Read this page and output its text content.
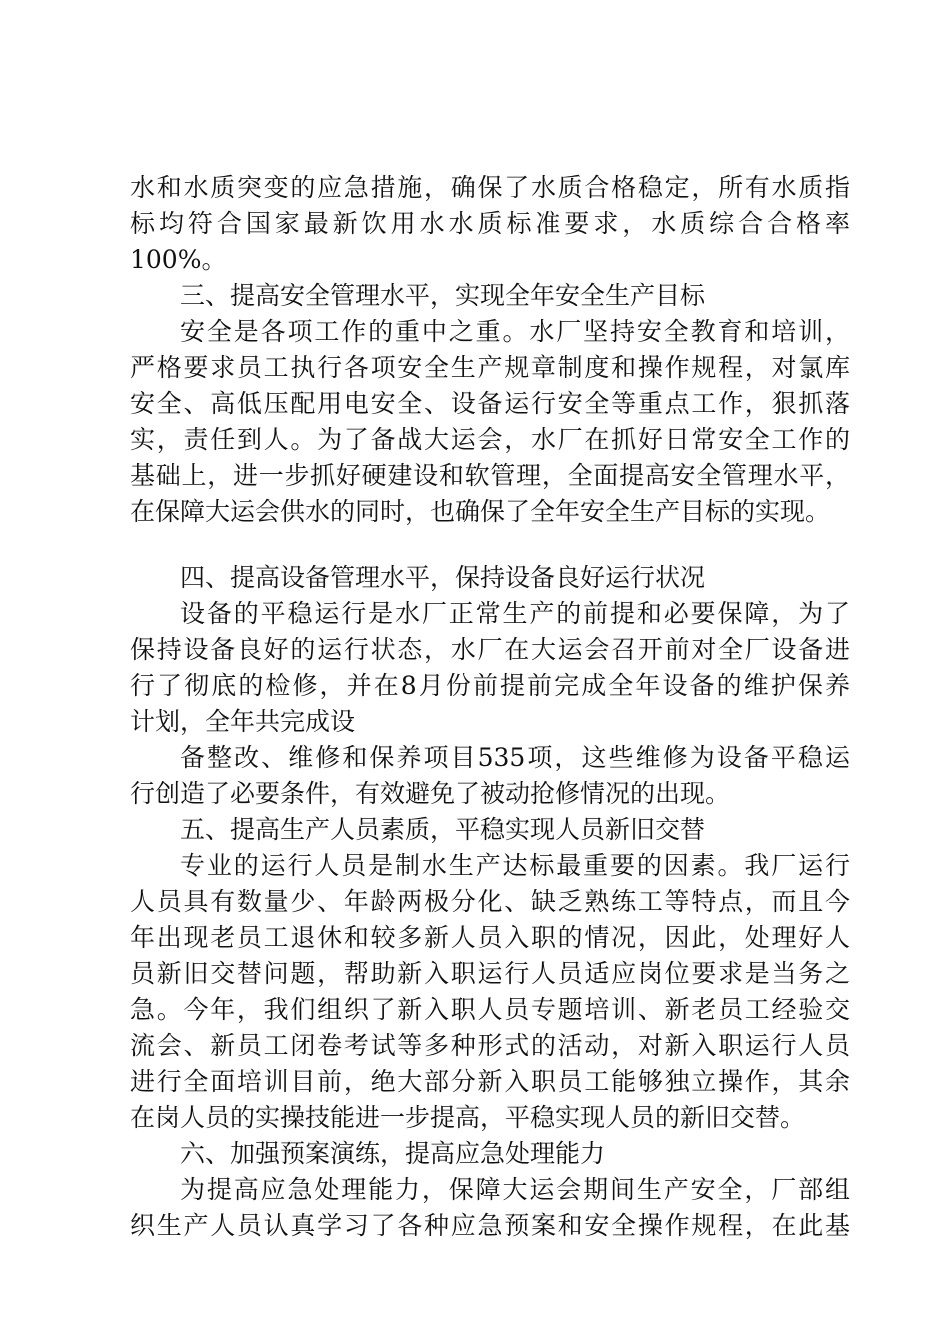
水和水质突变的应急措施，确保了水质合格稳定，所有水质指
标均符合国家最新饮用水水质标准要求，水质综合合格率
100%。
三、提高安全管理水平，实现全年安全生产目标
安全是各项工作的重中之重。水厂坚持安全教育和培训，
严格要求员工执行各项安全生产规章制度和操作规程，对氯库
安全、高低压配用电安全、设备运行安全等重点工作，狠抓落
实，责任到人。为了备战大运会，水厂在抓好日常安全工作的
基础上，进一步抓好硬建设和软管理，全面提高安全管理水平，
在保障大运会供水的同时，也确保了全年安全生产目标的实现。
四、提高设备管理水平，保持设备良好运行状况
设备的平稳运行是水厂正常生产的前提和必要保障，为了
保持设备良好的运行状态，水厂在大运会召开前对全厂设备进
行了彻底的检修，并在8月份前提前完成全年设备的维护保养
计划，全年共完成设
备整改、维修和保养项目535项，这些维修为设备平稳运
行创造了必要条件，有效避免了被动抢修情况的出现。
五、提高生产人员素质，平稳实现人员新旧交替
专业的运行人员是制水生产达标最重要的因素。我厂运行
人员具有数量少、年龄两极分化、缺乏熟练工等特点，而且今
年出现老员工退休和较多新人员入职的情况，因此，处理好人
员新旧交替问题，帮助新入职运行人员适应岗位要求是当务之
急。今年，我们组织了新入职人员专题培训、新老员工经验交
流会、新员工闭卷考试等多种形式的活动，对新入职运行人员
进行全面培训目前，绝大部分新入职员工能够独立操作，其余
在岗人员的实操技能进一步提高，平稳实现人员的新旧交替。
六、加强预案演练，提高应急处理能力
为提高应急处理能力，保障大运会期间生产安全，厂部组
织生产人员认真学习了各种应急预案和安全操作规程，在此基
